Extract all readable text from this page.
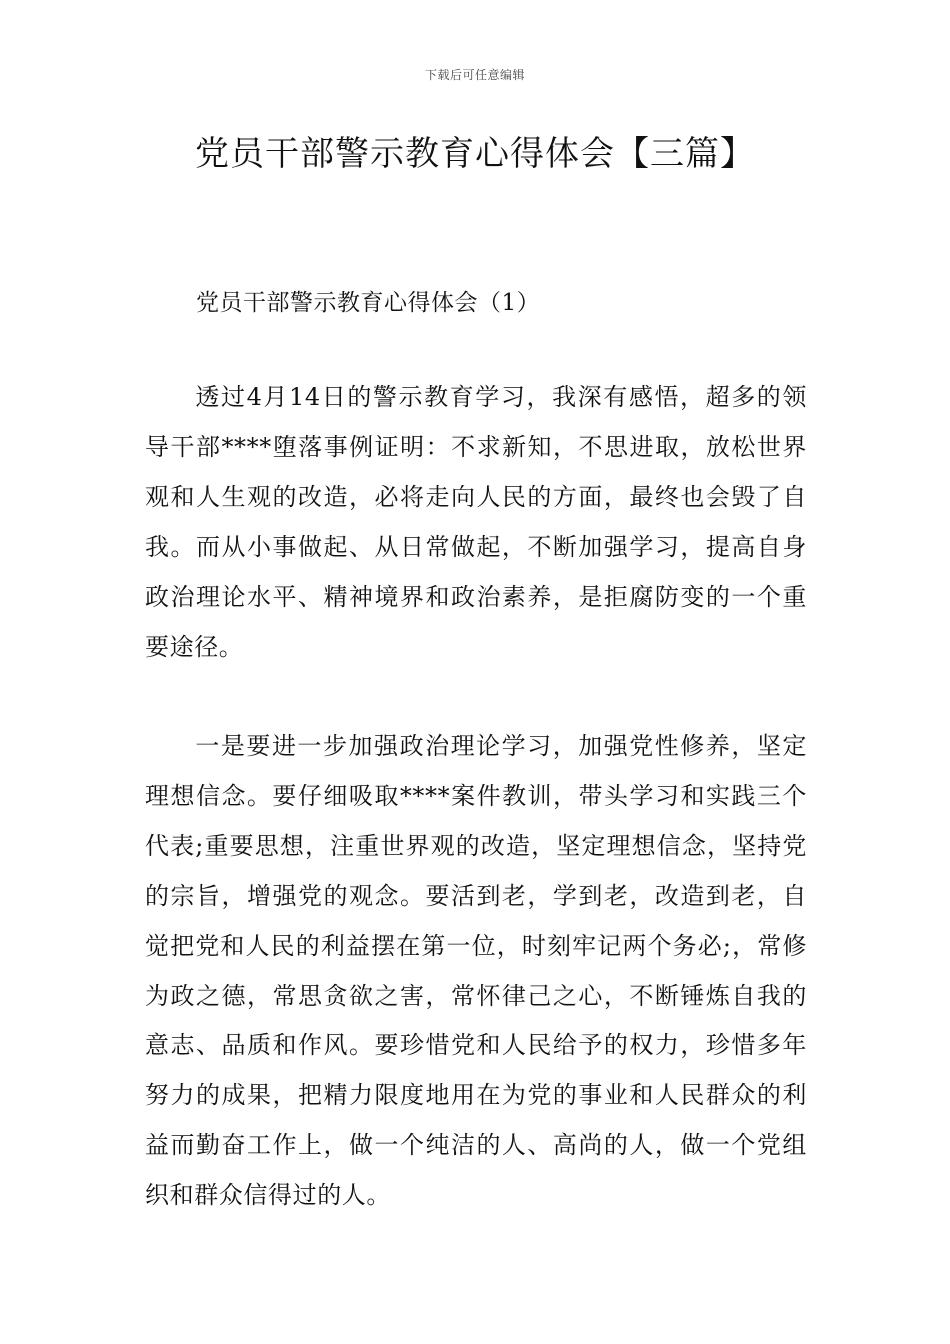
下载后可任意编辑
党员干部警示教育心得体会【三篇】
党员干部警示教育心得体会（1）

透过4月14日的警示教育学习，我深有感悟，超多的领导干部****堕落事例证明：不求新知，不思进取，放松世界观和人生观的改造，必将走向人民的方面，最终也会毁了自我。而从小事做起、从日常做起，不断加强学习，提高自身政治理论水平、精神境界和政治素养，是拒腐防变的一个重要途径。

一是要进一步加强政治理论学习，加强党性修养，坚定理想信念。要仔细吸取****案件教训，带头学习和实践三个代表;重要思想，注重世界观的改造，坚定理想信念，坚持党的宗旨，增强党的观念。要活到老，学到老，改造到老，自觉把党和人民的利益摆在第一位，时刻牢记两个务必;，常修为政之德，常思贪欲之害，常怀律己之心，不断锤炼自我的意志、品质和作风。要珍惜党和人民给予的权力，珍惜多年努力的成果，把精力限度地用在为党的事业和人民群众的利益而勤奋工作上，做一个纯洁的人、高尚的人，做一个党组织和群众信得过的人。
